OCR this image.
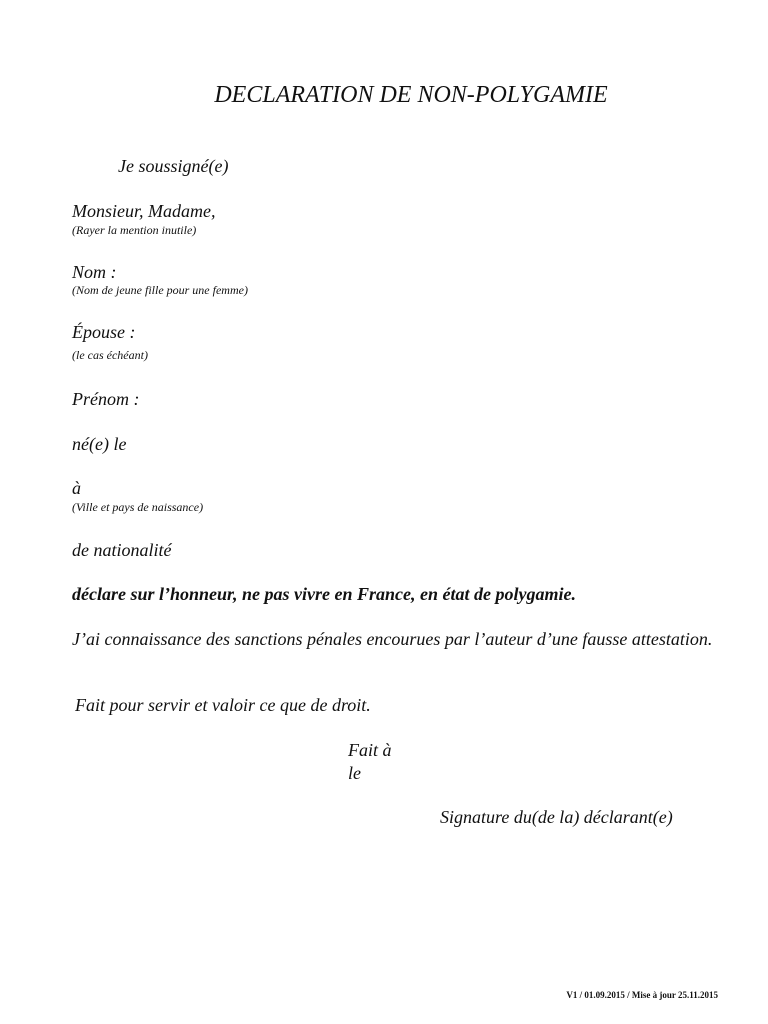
DECLARATION DE NON-POLYGAMIE
Je soussigné(e)
Monsieur, Madame,
(Rayer la mention inutile)
Nom :
(Nom de jeune fille pour une femme)
Épouse :
(le cas échéant)
Prénom :
né(e) le
à
(Ville et pays de naissance)
de nationalité
déclare sur l’honneur, ne pas vivre en France, en état de polygamie.
J’ai connaissance des sanctions pénales encourues par l’auteur d’une fausse attestation.
Fait pour servir et valoir ce que de droit.
Fait à
le
Signature du(de la) déclarant(e)
V1 / 01.09.2015 / Mise à jour 25.11.2015
